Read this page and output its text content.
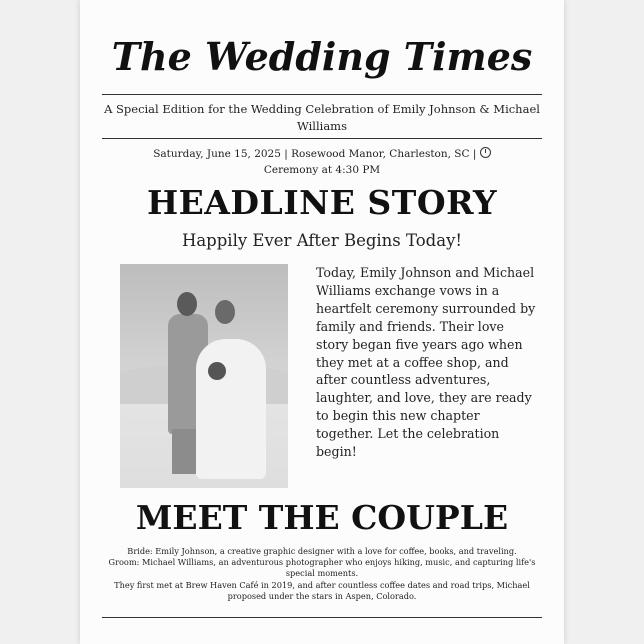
The Wedding Times
A Special Edition for the Wedding Celebration of Emily Johnson & Michael Williams
Saturday, June 15, 2025 | Rosewood Manor, Charleston, SC |
Ceremony at 4:30 PM
HEADLINE STORY
Happily Ever After Begins Today!
Today, Emily Johnson and Michael Williams exchange vows in a heartfelt ceremony surrounded by family and friends. Their love story began five years ago when they met at a coffee shop, and after countless adventures, laughter, and love, they are ready to begin this new chapter together. Let the celebration begin!
MEET THE COUPLE
Bride: Emily Johnson, a creative graphic designer with a love for coffee, books, and traveling.
Groom: Michael Williams, an adventurous photographer who enjoys hiking, music, and capturing life's special moments.
They first met at Brew Haven Café in 2019, and after countless coffee dates and road trips, Michael proposed under the stars in Aspen, Colorado.
